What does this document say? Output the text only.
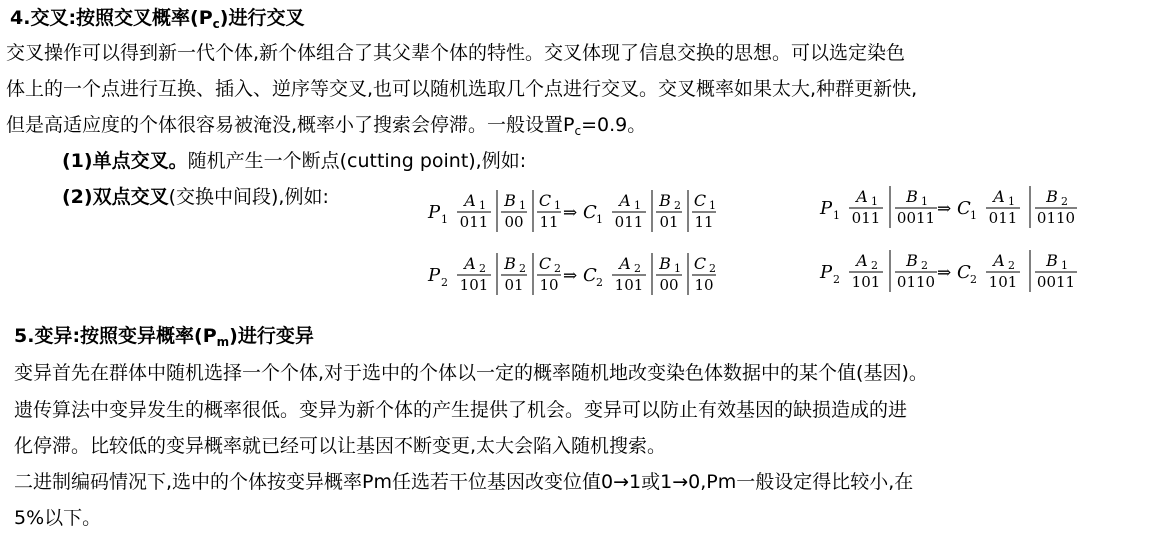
4.交叉:按照交叉概率$(P_c)$进行交叉
交叉操作可以得到新一代个体,新个体组合了其父辈个体的特性。交叉体现了信息交换的思想。可以选定染色
体上的一个点进行互换、插入、逆序等交叉,也可以随机选取几个点进行交叉。交叉概率如果太大,种群更新快,
但是高适应度的个体很容易被淹没,概率小了搜索会停滞。一般设置$P_c=0.9$。
(1)单点交叉。随机产生一个断点(cutting point),例如:
(2)双点交叉(交换中间段),例如:
P 1
A 1
011
B 1
00
C 1
11 ⇒ C 1
A 1
011
B 2
01
C 1
11
P 2
A 2
101
B 2
01
C 2
10 ⇒ C 2
A 2
101
B 1
00
C 2
10
P 1
A 1
011
B 1
0011 ⇒ C 1
A 1
011
B 2
0110
P 2
A 2
101
B 2
0110 ⇒ C 2
A 2
101
B 1
0011
5.变异:按照变异概率$(P_m)$进行变异
变异首先在群体中随机选择一个个体,对于选中的个体以一定的概率随机地改变染色体数据中的某个值(基因)。
遗传算法中变异发生的概率很低。变异为新个体的产生提供了机会。变异可以防止有效基因的缺损造成的进
化停滞。比较低的变异概率就已经可以让基因不断变更,太大会陷入随机搜索。
二进制编码情况下,选中的个体按变异概率Pm任选若干位基因改变位值0→1或1→0,Pm一般设定得比较小,在
5%以下。
